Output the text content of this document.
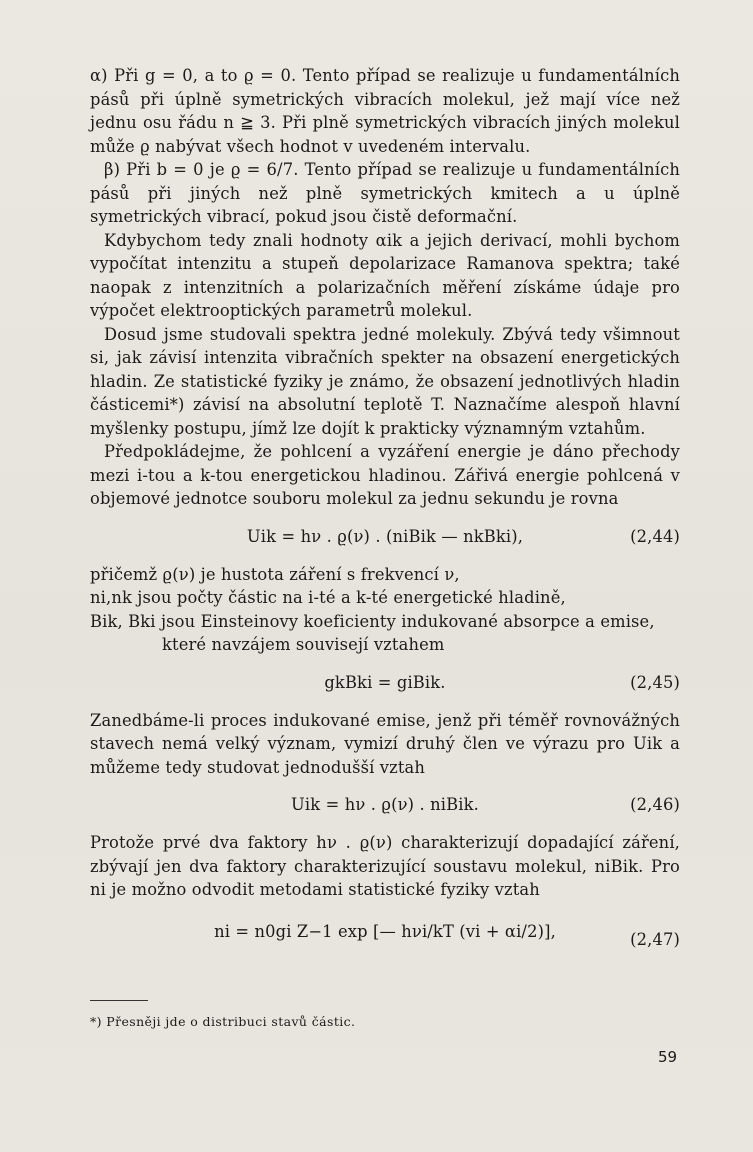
α) Při g = 0, a to ϱ = 0. Tento případ se realizuje u fundamentálních pásů při úplně symetrických vibracích molekul, jež mají více než jednu osu řádu n ≧ 3. Při plně symetrických vibracích jiných molekul může ϱ nabývat všech hodnot v uvedeném intervalu.

β) Při b = 0 je ϱ = 6/7. Tento případ se realizuje u fundamentálních pásů při jiných než plně symetrických kmitech a u úplně symetrických vibrací, pokud jsou čistě deformační.

Kdybychom tedy znali hodnoty αik a jejich derivací, mohli bychom vypočítat intenzitu a stupeň depolarizace Ramanova spektra; také naopak z intenzitních a polarizačních měření získáme údaje pro výpočet elektrooptických parametrů molekul.

Dosud jsme studovali spektra jedné molekuly. Zbývá tedy všimnout si, jak závisí intenzita vibračních spekter na obsazení energetických hladin. Ze statistické fyziky je známo, že obsazení jednotlivých hladin částicemi*) závisí na absolutní teplotě T. Naznačíme alespoň hlavní myšlenky postupu, jímž lze dojít k prakticky významným vztahům.

Předpokládejme, že pohlcení a vyzáření energie je dáno přechody mezi i-tou a k-tou energetickou hladinou. Zářivá energie pohlcená v objemové jednotce souboru molekul za jednu sekundu je rovna

Uik = hν . ϱ(ν) . (niBik — nkBki),	(2,44)

přičemž ϱ(ν) je hustota záření s frekvencí ν,

ni,nk jsou počty částic na i-té a k-té energetické hladině,

Bik, Bki jsou Einsteinovy koeficienty indukované absorpce a emise,

které navzájem souvisejí vztahem

gkBki = giBik.	(2,45)

Zanedbáme-li proces indukované emise, jenž při téměř rovnovážných stavech nemá velký význam, vymizí druhý člen ve výrazu pro Uik a můžeme tedy studovat jednodušší vztah

Uik = hν . ϱ(ν) . niBik.	(2,46)

Protože prvé dva faktory hν . ϱ(ν) charakterizují dopadající záření, zbývají jen dva faktory charakterizující soustavu molekul, niBik. Pro ni je možno odvodit metodami statistické fyziky vztah

ni = n0gi Z−1 exp [— hνi/kT (vi + αi/2)],	(2,47)
*) Přesněji jde o distribuci stavů částic.
59
